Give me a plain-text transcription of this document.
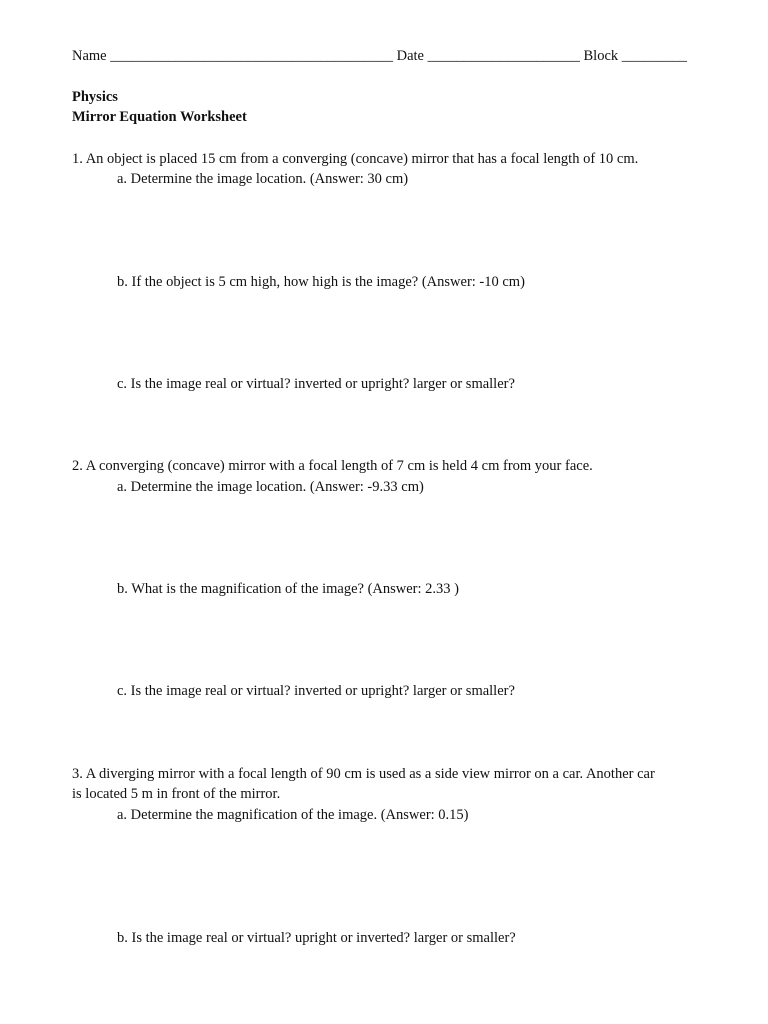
Name _______________________________________ Date _____________________ Block _________
Physics
Mirror Equation Worksheet
1. An object is placed 15 cm from a converging (concave) mirror that has a focal length of 10 cm.
a. Determine the image location. (Answer: 30 cm)
b. If the object is 5 cm high, how high is the image? (Answer: -10 cm)
c. Is the image real or virtual? inverted or upright? larger or smaller?
2. A converging (concave) mirror with a focal length of 7 cm is held 4 cm from your face.
a. Determine the image location. (Answer: -9.33 cm)
b. What is the magnification of the image? (Answer: 2.33 )
c. Is the image real or virtual? inverted or upright? larger or smaller?
3. A diverging mirror with a focal length of 90 cm is used as a side view mirror on a car. Another car
is located 5 m in front of the mirror.
a. Determine the magnification of the image. (Answer: 0.15)
b. Is the image real or virtual? upright or inverted? larger or smaller?
